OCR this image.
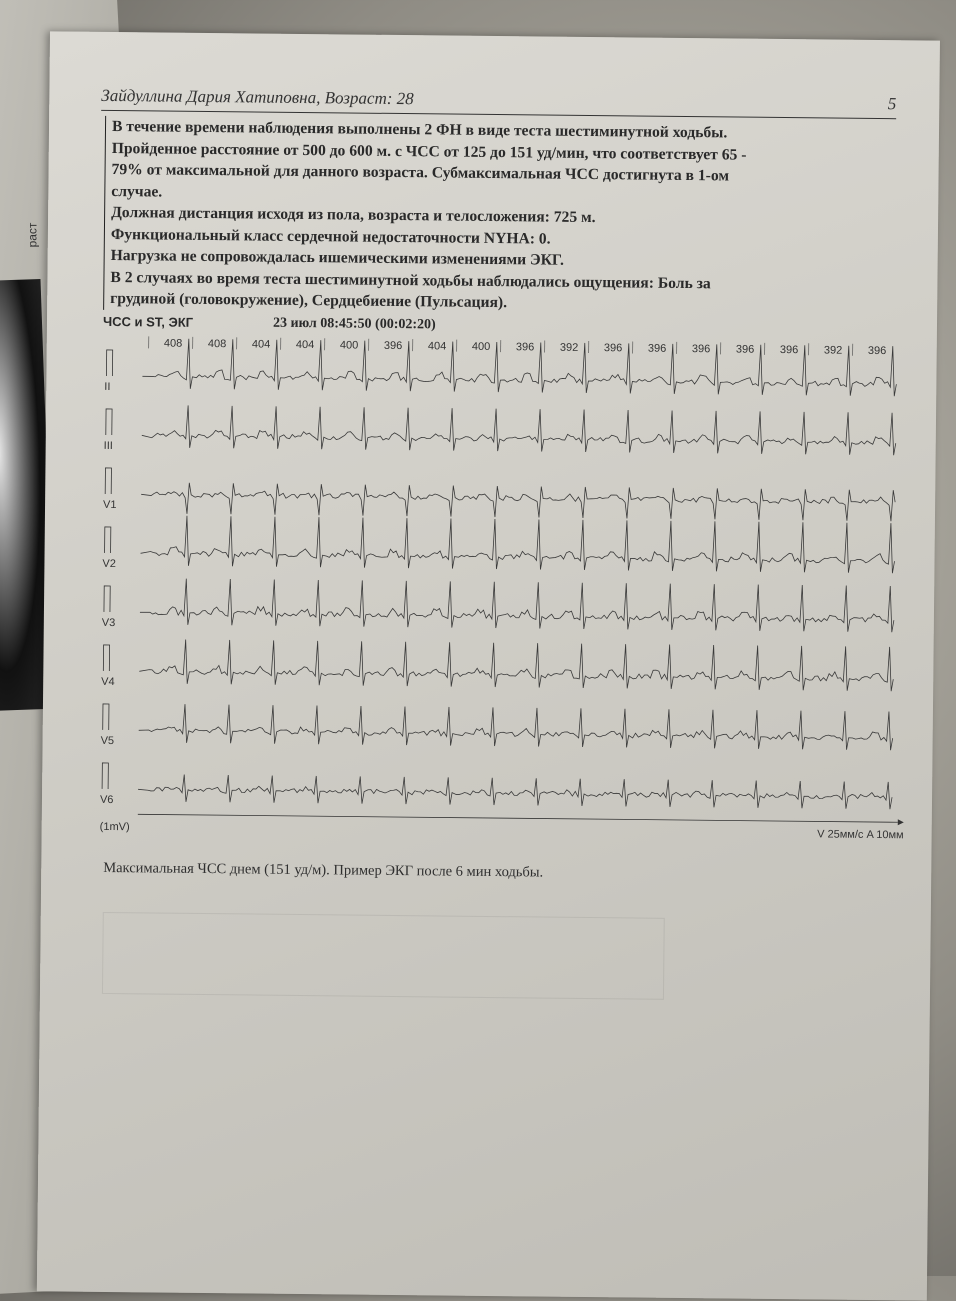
раст
Зайдуллина Дария Хатиповна, Возраст: 28	5

В течение времени наблюдения выполнены 2 ФН в виде теста шестиминутной ходьбы.

Пройденное расстояние от 500 до 600 м. с ЧСС от 125 до 151 уд/мин, что соответствует 65 -

79% от максимальной для данного возраста. Субмаксимальная ЧСС достигнута в 1-ом

случае.

Должная дистанция исходя из пола, возраста и телосложения: 725 м.

Функциональный класс сердечной недостаточности NYHA: 0.

Нагрузка не сопровождалась ишемическими изменениями ЭКГ.

В 2 случаях во время теста шестиминутной ходьбы наблюдались ощущения: Боль за

грудиной (головокружение), Сердцебиение (Пульсация).

ЧСС и ST, ЭКГ	23 июл 08:45:50 (00:02:20)
408 408 404 404 400 396 404 400 396 392 396 396 396 396 396 392 396
II
III
V1
V2
V3
V4
V5
V6
(1mV)
V 25мм/с A 10мм
Максимальная ЧСС днем (151 уд/м). Пример ЭКГ после 6 мин ходьбы.
